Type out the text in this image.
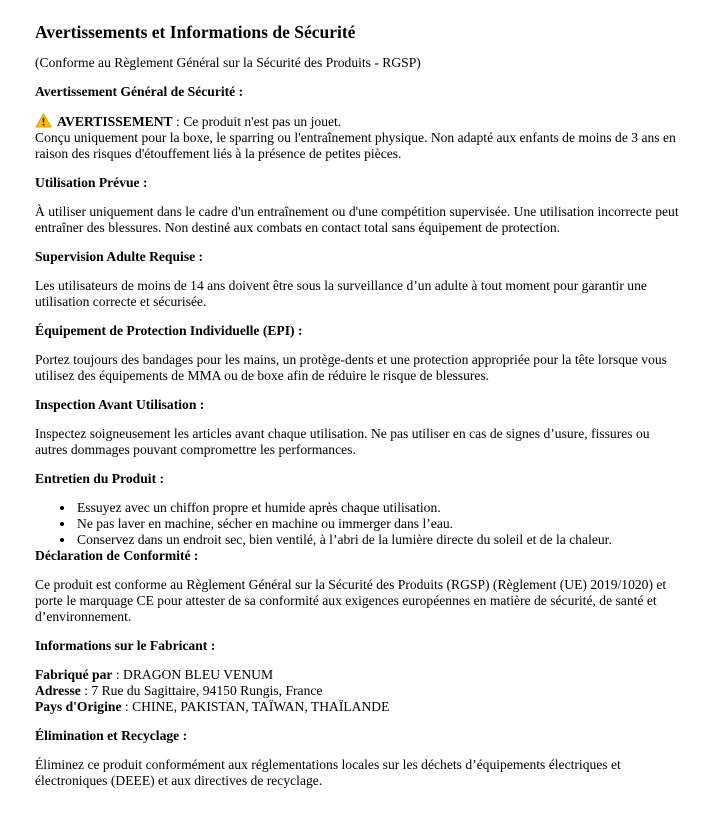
Avertissements et Informations de Sécurité
(Conforme au Règlement Général sur la Sécurité des Produits - RGSP)
Avertissement Général de Sécurité :

AVERTISSEMENT : Ce produit n'est pas un jouet.
Conçu uniquement pour la boxe, le sparring ou l'entraînement physique. Non adapté aux enfants de moins de 3 ans en raison des risques d'étouffement liés à la présence de petites pièces.

Utilisation Prévue :

À utiliser uniquement dans le cadre d'un entraînement ou d'une compétition supervisée. Une utilisation incorrecte peut entraîner des blessures. Non destiné aux combats en contact total sans équipement de protection.

Supervision Adulte Requise :

Les utilisateurs de moins de 14 ans doivent être sous la surveillance d’un adulte à tout moment pour garantir une utilisation correcte et sécurisée.

Équipement de Protection Individuelle (EPI) :

Portez toujours des bandages pour les mains, un protège-dents et une protection appropriée pour la tête lorsque vous utilisez des équipements de MMA ou de boxe afin de réduire le risque de blessures.

Inspection Avant Utilisation :

Inspectez soigneusement les articles avant chaque utilisation. Ne pas utiliser en cas de signes d’usure, fissures ou autres dommages pouvant compromettre les performances.

Entretien du Produit :
• Essuyez avec un chiffon propre et humide après chaque utilisation.
• Ne pas laver en machine, sécher en machine ou immerger dans l’eau.
• Conservez dans un endroit sec, bien ventilé, à l’abri de la lumière directe du soleil et de la chaleur.
Déclaration de Conformité :

Ce produit est conforme au Règlement Général sur la Sécurité des Produits (RGSP) (Règlement (UE) 2019/1020) et porte le marquage CE pour attester de sa conformité aux exigences européennes en matière de sécurité, de santé et d’environnement.

Informations sur le Fabricant :
Fabriqué par : DRAGON BLEU VENUM
Adresse : 7 Rue du Sagittaire, 94150 Rungis, France
Pays d'Origine : CHINE, PAKISTAN, TAÏWAN, THAÏLANDE
Élimination et Recyclage :

Éliminez ce produit conformément aux réglementations locales sur les déchets d’équipements électriques et électroniques (DEEE) et aux directives de recyclage.
